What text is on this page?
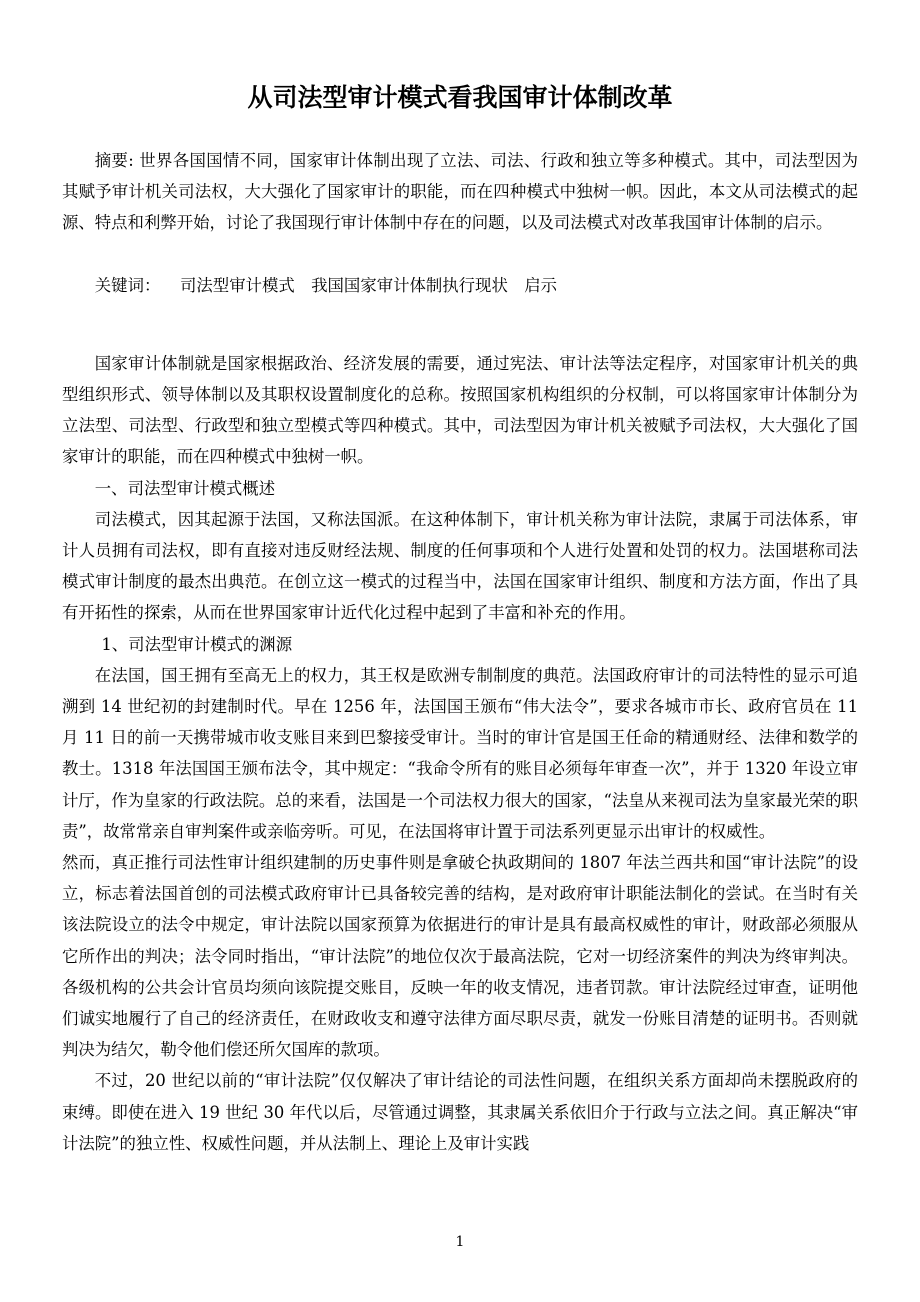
从司法型审计模式看我国审计体制改革

摘要: 世界各国国情不同，国家审计体制出现了立法、司法、行政和独立等多种模式。其中，司法型因为其赋予审计机关司法权，大大强化了国家审计的职能，而在四种模式中独树一帜。因此，本文从司法模式的起源、特点和利弊开始，讨论了我国现行审计体制中存在的问题，以及司法模式对改革我国审计体制的启示。

关键词： 司法型审计模式 我国国家审计体制执行现状 启示

国家审计体制就是国家根据政治、经济发展的需要，通过宪法、审计法等法定程序，对国家审计机关的典型组织形式、领导体制以及其职权设置制度化的总称。按照国家机构组织的分权制，可以将国家审计体制分为立法型、司法型、行政型和独立型模式等四种模式。其中，司法型因为审计机关被赋予司法权，大大强化了国家审计的职能，而在四种模式中独树一帜。

一、司法型审计模式概述

司法模式，因其起源于法国，又称法国派。在这种体制下，审计机关称为审计法院，隶属于司法体系，审计人员拥有司法权，即有直接对违反财经法规、制度的任何事项和个人进行处置和处罚的权力。法国堪称司法模式审计制度的最杰出典范。在创立这一模式的过程当中，法国在国家审计组织、制度和方法方面，作出了具有开拓性的探索，从而在世界国家审计近代化过程中起到了丰富和补充的作用。

1、司法型审计模式的渊源

在法国，国王拥有至高无上的权力，其王权是欧洲专制制度的典范。法国政府审计的司法特性的显示可追溯到 14 世纪初的封建制时代。早在 1256 年，法国国王颁布“伟大法令”，要求各城市市长、政府官员在 11 月 11 日的前一天携带城市收支账目来到巴黎接受审计。当时的审计官是国王任命的精通财经、法律和数学的教士。1318 年法国国王颁布法令，其中规定：“我命令所有的账目必须每年审查一次”，并于 1320 年设立审计厅，作为皇家的行政法院。总的来看，法国是一个司法权力很大的国家，“法皇从来视司法为皇家最光荣的职责”，故常常亲自审判案件或亲临旁听。可见，在法国将审计置于司法系列更显示出审计的权威性。

然而，真正推行司法性审计组织建制的历史事件则是拿破仑执政期间的 1807 年法兰西共和国“审计法院”的设立，标志着法国首创的司法模式政府审计已具备较完善的结构，是对政府审计职能法制化的尝试。在当时有关该法院设立的法令中规定，审计法院以国家预算为依据进行的审计是具有最高权威性的审计，财政部必须服从它所作出的判决；法令同时指出，“审计法院”的地位仅次于最高法院，它对一切经济案件的判决为终审判决。各级机构的公共会计官员均须向该院提交账目，反映一年的收支情况，违者罚款。审计法院经过审查，证明他们诚实地履行了自己的经济责任，在财政收支和遵守法律方面尽职尽责，就发一份账目清楚的证明书。否则就判决为结欠，勒令他们偿还所欠国库的款项。

不过，20 世纪以前的“审计法院”仅仅解决了审计结论的司法性问题，在组织关系方面却尚未摆脱政府的束缚。即使在进入 19 世纪 30 年代以后，尽管通过调整，其隶属关系依旧介于行政与立法之间。真正解决“审计法院”的独立性、权威性问题，并从法制上、理论上及审计实践

1
